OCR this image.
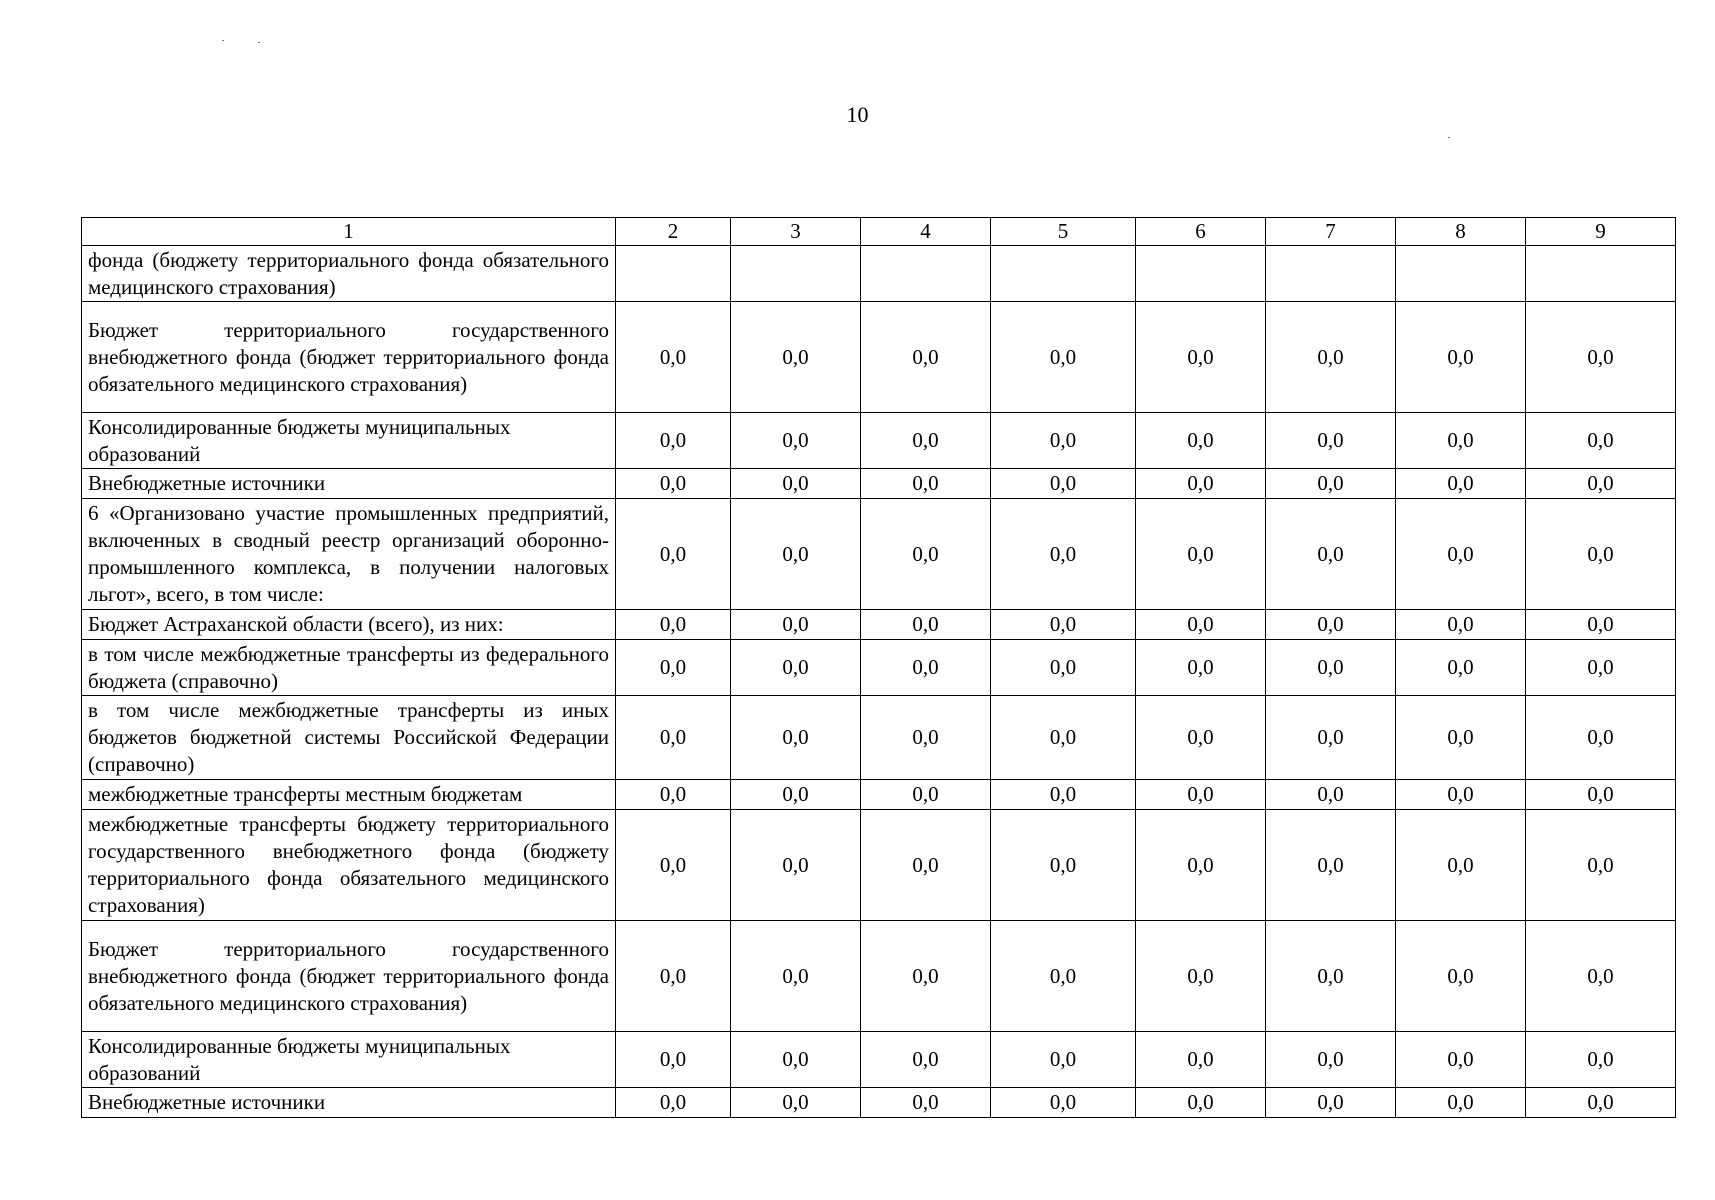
10
1	2	3	4	5	6	7	8	9
фонда (бюджету территориального фонда обязательного медицинского страхования)								
Бюджет территориального государственного внебюджетного фонда (бюджет территориального фонда обязательного медицинского страхования)	0,0	0,0	0,0	0,0	0,0	0,0	0,0	0,0
Консолидированные бюджеты муниципальных образований	0,0	0,0	0,0	0,0	0,0	0,0	0,0	0,0
Внебюджетные источники	0,0	0,0	0,0	0,0	0,0	0,0	0,0	0,0
6 «Организовано участие промышленных предприятий, включенных в сводный реестр организаций оборонно-промышленного комплекса, в получении налоговых льгот», всего, в том числе:	0,0	0,0	0,0	0,0	0,0	0,0	0,0	0,0
Бюджет Астраханской области (всего), из них:	0,0	0,0	0,0	0,0	0,0	0,0	0,0	0,0
в том числе межбюджетные трансферты из федерального бюджета (справочно)	0,0	0,0	0,0	0,0	0,0	0,0	0,0	0,0
в том числе межбюджетные трансферты из иных бюджетов бюджетной системы Российской Федерации (справочно)	0,0	0,0	0,0	0,0	0,0	0,0	0,0	0,0
межбюджетные трансферты местным бюджетам	0,0	0,0	0,0	0,0	0,0	0,0	0,0	0,0
межбюджетные трансферты бюджету территориального государственного внебюджетного фонда (бюджету территориального фонда обязательного медицинского страхования)	0,0	0,0	0,0	0,0	0,0	0,0	0,0	0,0
Бюджет территориального государственного внебюджетного фонда (бюджет территориального фонда обязательного медицинского страхования)	0,0	0,0	0,0	0,0	0,0	0,0	0,0	0,0
Консолидированные бюджеты муниципальных образований	0,0	0,0	0,0	0,0	0,0	0,0	0,0	0,0
Внебюджетные источники	0,0	0,0	0,0	0,0	0,0	0,0	0,0	0,0
